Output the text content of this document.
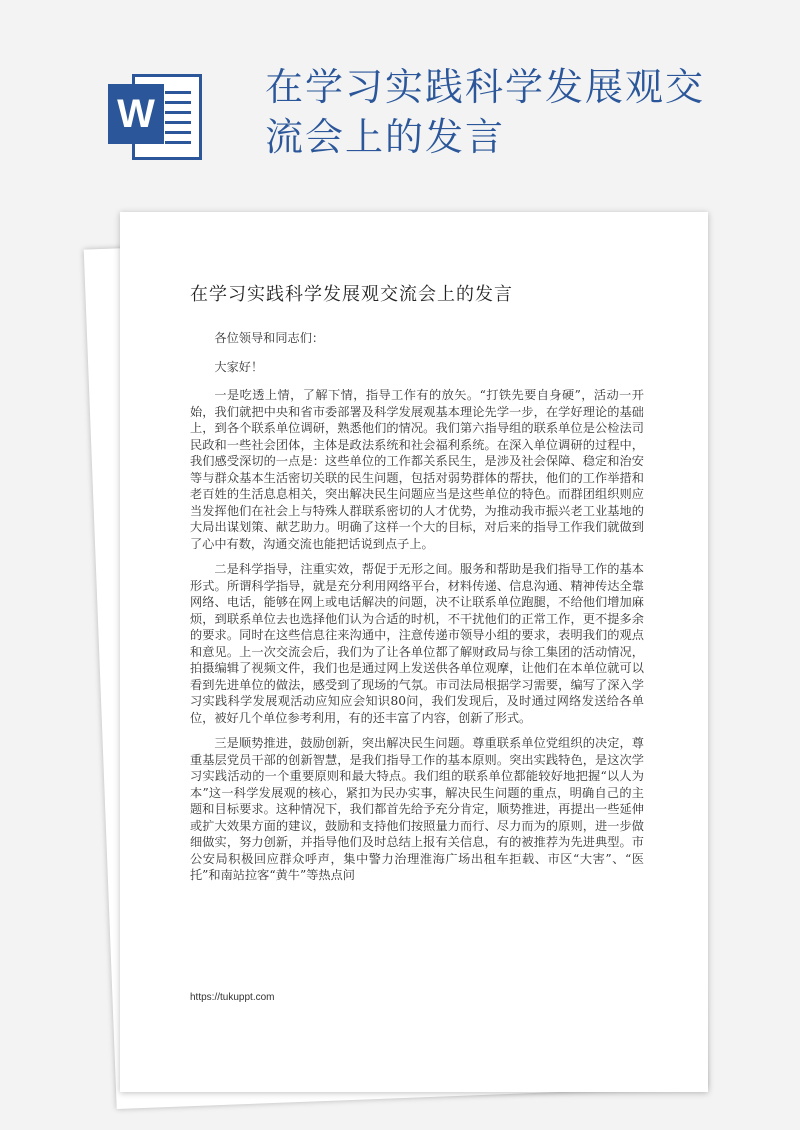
W
在学习实践科学发展观交流会上的发言
在学习实践科学发展观交流会上的发言

各位领导和同志们：

大家好！

一是吃透上情，了解下情，指导工作有的放矢。“打铁先要自身硬”，活动一开始，我们就把中央和省市委部署及科学发展观基本理论先学一步，在学好理论的基础上，到各个联系单位调研，熟悉他们的情况。我们第六指导组的联系单位是公检法司民政和一些社会团体，主体是政法系统和社会福利系统。在深入单位调研的过程中，我们感受深切的一点是：这些单位的工作都关系民生，是涉及社会保障、稳定和治安等与群众基本生活密切关联的民生问题，包括对弱势群体的帮扶，他们的工作举措和老百姓的生活息息相关，突出解决民生问题应当是这些单位的特色。而群团组织则应当发挥他们在社会上与特殊人群联系密切的人才优势，为推动我市振兴老工业基地的大局出谋划策、献艺助力。明确了这样一个大的目标，对后来的指导工作我们就做到了心中有数，沟通交流也能把话说到点子上。

二是科学指导，注重实效，帮促于无形之间。服务和帮助是我们指导工作的基本形式。所谓科学指导，就是充分利用网络平台，材料传递、信息沟通、精神传达全靠网络、电话，能够在网上或电话解决的问题，决不让联系单位跑腿，不给他们增加麻烦，到联系单位去也选择他们认为合适的时机，不干扰他们的正常工作，更不提多余的要求。同时在这些信息往来沟通中，注意传递市领导小组的要求，表明我们的观点和意见。上一次交流会后，我们为了让各单位都了解财政局与徐工集团的活动情况，拍摄编辑了视频文件，我们也是通过网上发送供各单位观摩，让他们在本单位就可以看到先进单位的做法，感受到了现场的气氛。市司法局根据学习需要，编写了深入学习实践科学发展观活动应知应会知识80问，我们发现后，及时通过网络发送给各单位，被好几个单位参考利用，有的还丰富了内容，创新了形式。

三是顺势推进，鼓励创新，突出解决民生问题。尊重联系单位党组织的决定，尊重基层党员干部的创新智慧，是我们指导工作的基本原则。突出实践特色，是这次学习实践活动的一个重要原则和最大特点。我们组的联系单位都能较好地把握“以人为本”这一科学发展观的核心，紧扣为民办实事，解决民生问题的重点，明确自己的主题和目标要求。这种情况下，我们都首先给予充分肯定，顺势推进，再提出一些延伸或扩大效果方面的建议，鼓励和支持他们按照量力而行、尽力而为的原则，进一步做细做实，努力创新，并指导他们及时总结上报有关信息，有的被推荐为先进典型。市公安局积极回应群众呼声，集中警力治理淮海广场出租车拒载、市区“大害”、“医托”和南站拉客“黄牛”等热点问

https://tukuppt.com
